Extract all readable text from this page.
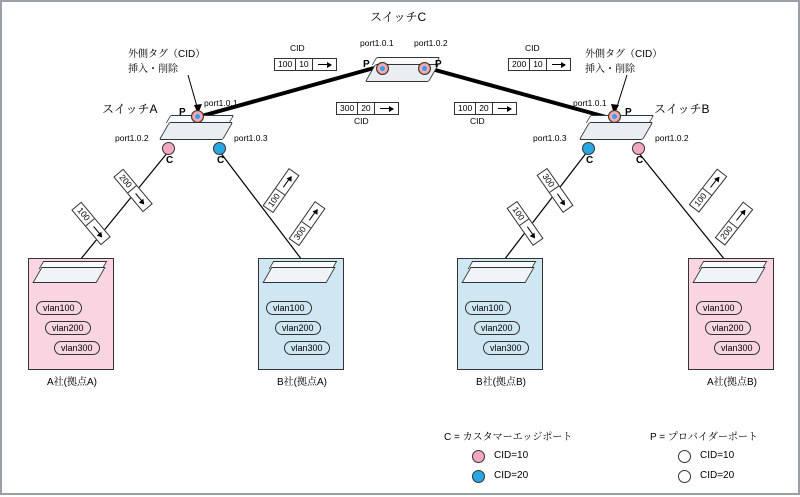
スイッチC
P	P
port1.0.1 port1.0.2
スイッチA P
port1.0.1
C	C
port1.0.2	port1.0.3
スイッチB
P
port1.0.1
C	C
port1.0.3	port1.0.2
外側タグ（CID）
挿入・削除
外側タグ（CID）
挿入・削除
CID
100 10
300 20
CID
CID
200 10
100 20
CID
200
100
100
300
300
100
100
200
vlan100
vlan200
vlan300
A社(拠点A)
vlan100
vlan200
vlan300
B社(拠点A)
vlan100
vlan200
vlan300
B社(拠点B)
vlan100
vlan200
vlan300
A社(拠点B)
C = カスタマーエッジポート
CID=10
CID=20
P = プロバイダーポート
CID=10
CID=20
